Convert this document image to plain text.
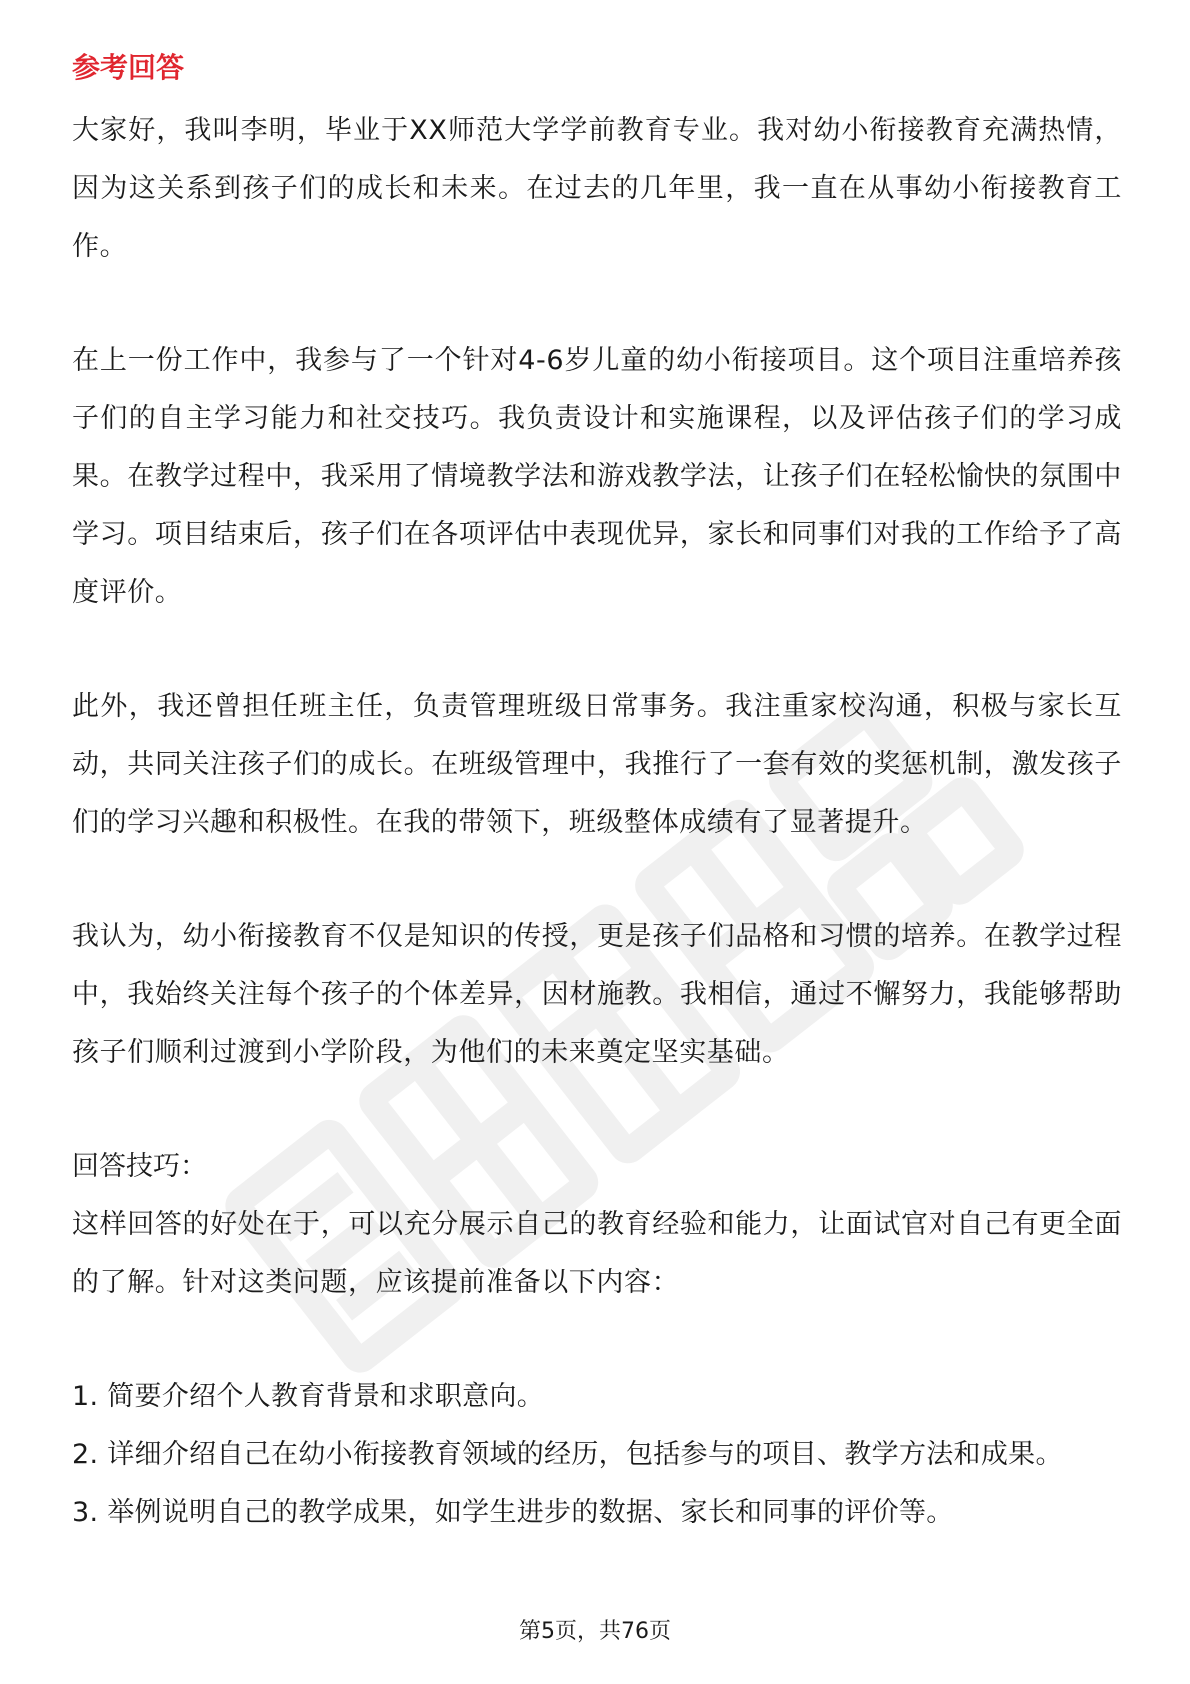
参考回答

大家好，我叫李明，毕业于XX师范大学学前教育专业。我对幼小衔接教育充满热情，因为这关系到孩子们的成长和未来。在过去的几年里，我一直在从事幼小衔接教育工作。

在上一份工作中，我参与了一个针对4-6岁儿童的幼小衔接项目。这个项目注重培养孩子们的自主学习能力和社交技巧。我负责设计和实施课程，以及评估孩子们的学习成果。在教学过程中，我采用了情境教学法和游戏教学法，让孩子们在轻松愉快的氛围中学习。项目结束后，孩子们在各项评估中表现优异，家长和同事们对我的工作给予了高度评价。

此外，我还曾担任班主任，负责管理班级日常事务。我注重家校沟通，积极与家长互动，共同关注孩子们的成长。在班级管理中，我推行了一套有效的奖惩机制，激发孩子们的学习兴趣和积极性。在我的带领下，班级整体成绩有了显著提升。

我认为，幼小衔接教育不仅是知识的传授，更是孩子们品格和习惯的培养。在教学过程中，我始终关注每个孩子的个体差异，因材施教。我相信，通过不懈努力，我能够帮助孩子们顺利过渡到小学阶段，为他们的未来奠定坚实基础。

回答技巧：

这样回答的好处在于，可以充分展示自己的教育经验和能力，让面试官对自己有更全面的了解。针对这类问题，应该提前准备以下内容：

1. 简要介绍个人教育背景和求职意向。
2. 详细介绍自己在幼小衔接教育领域的经历，包括参与的项目、教学方法和成果。
3. 举例说明自己的教学成果，如学生进步的数据、家长和同事的评价等。
第5页，共76页
